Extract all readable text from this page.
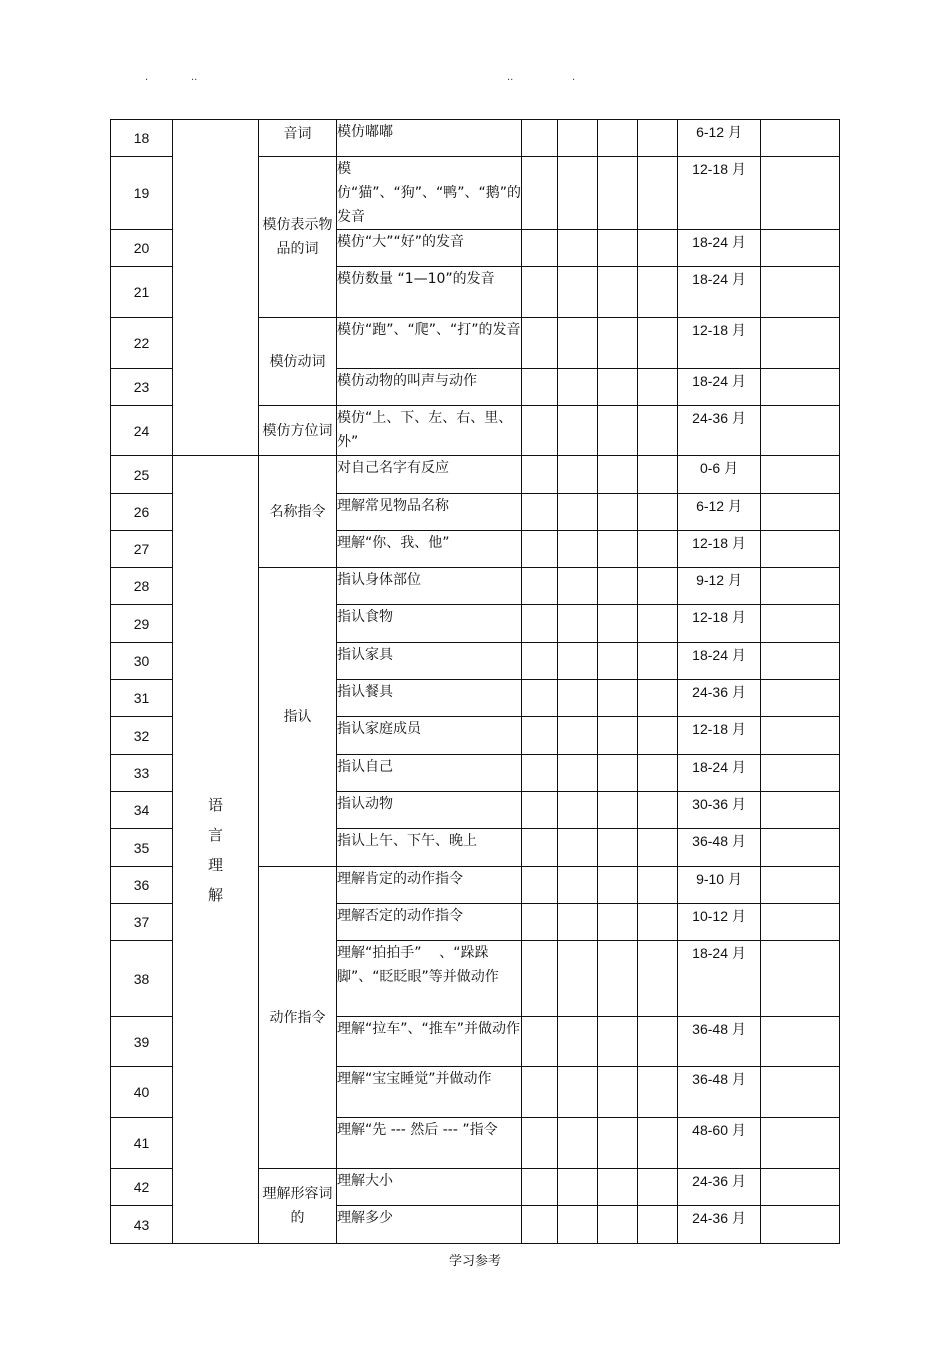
.	..	..	.
18		音词	模仿嘟嘟					6-12 月	
19		模仿表示物品的词	模仿“猫”、“狗”、“鸭”、“鹅”的发音					12-18 月	
20			模仿“大”“好”的发音					18-24 月	
21			模仿数量 “1—10”的发音					18-24 月	
22		模仿动词	模仿“跑”、“爬”、“打”的发音					12-18 月	
23			模仿动物的叫声与动作					18-24 月	
24		模仿方位词	模仿“上、下、左、右、里、外”					24-36 月	
25	语言理解	名称指令	对自己名字有反应					0-6 月	
26			理解常见物品名称					6-12 月	
27			理解“你、我、他”					12-18 月	
28		指认	指认身体部位					9-12 月	
29			指认食物					12-18 月	
30			指认家具					18-24 月	
31			指认餐具					24-36 月	
32			指认家庭成员					12-18 月	
33			指认自己					18-24 月	
34			指认动物					30-36 月	
35			指认上午、下午、晚上					36-48 月	
36		动作指令	理解肯定的动作指令					9-10 月	
37			理解否定的动作指令					10-12 月	
38			理解“拍拍手”    、“跺跺脚”、“眨眨眼”等并做动作					18-24 月	
39			理解“拉车”、“推车”并做动作					36-48 月	
40			理解“宝宝睡觉”并做动作					36-48 月	
41			理解“先 --- 然后 --- ”指令					48-60 月	
42		理解形容词的	理解大小					24-36 月	
43			理解多少					24-36 月	
学习参考
